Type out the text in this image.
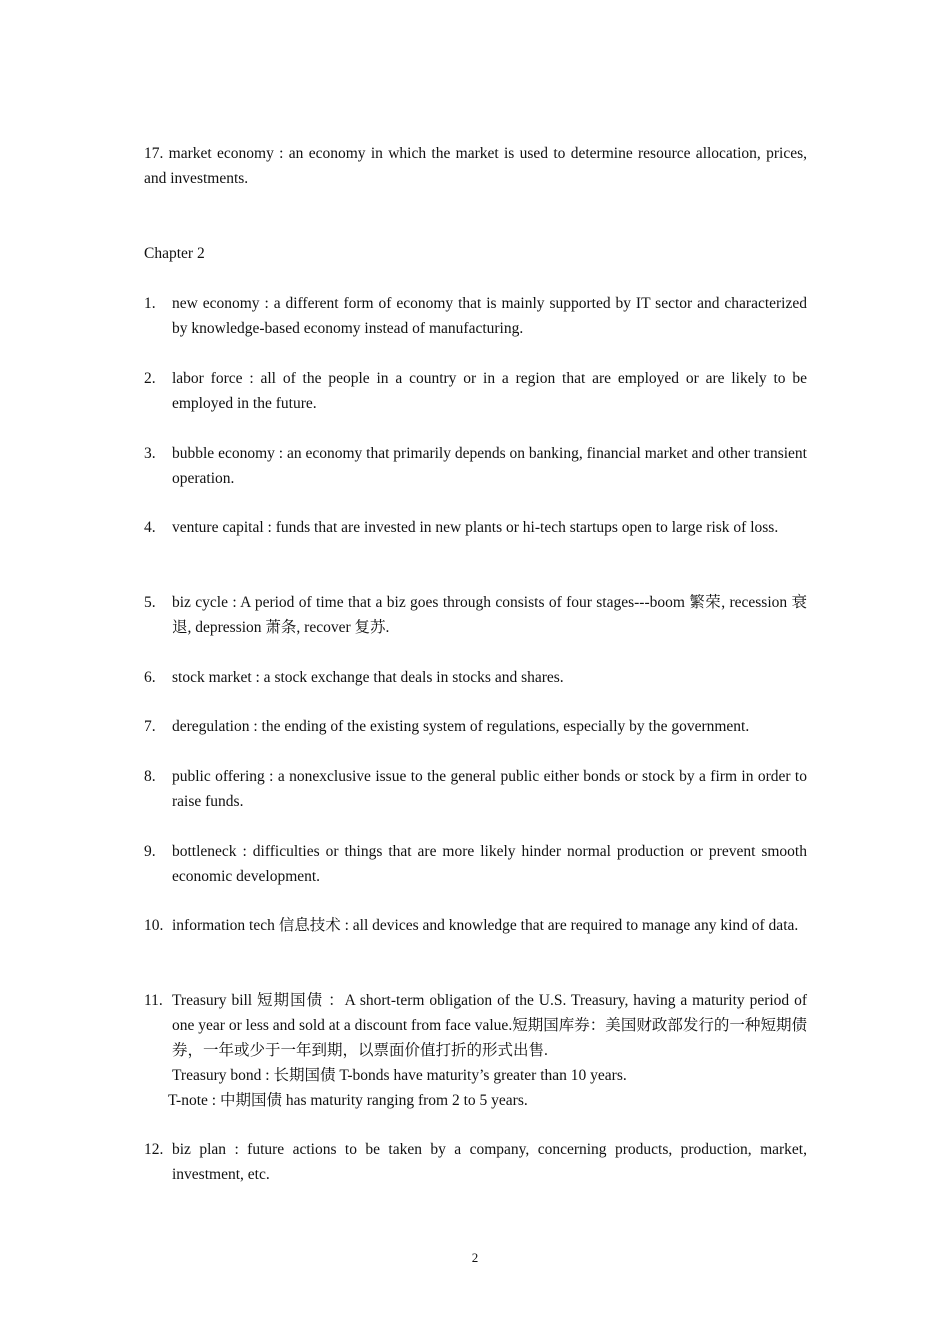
17. market economy : an economy in which the market is used to determine resource allocation, prices, and investments.

Chapter 2

1. new economy : a different form of economy that is mainly supported by IT sector and characterized by knowledge-based economy instead of manufacturing.
2. labor force : all of the people in a country or in a region that are employed or are likely to be employed in the future.
3. bubble economy : an economy that primarily depends on banking, financial market and other transient operation.
4. venture capital : funds that are invested in new plants or hi-tech startups open to large risk of loss.
5. biz cycle : A period of time that a biz goes through consists of four stages---boom 繁荣, recession 衰退, depression 萧条, recover 复苏.
6. stock market : a stock exchange that deals in stocks and shares.
7. deregulation : the ending of the existing system of regulations, especially by the government.
8. public offering : a nonexclusive issue to the general public either bonds or stock by a firm in order to raise funds.
9. bottleneck : difficulties or things that are more likely hinder normal production or prevent smooth economic development.
10. information tech 信息技术 : all devices and knowledge that are required to manage any kind of data.
11. Treasury bill 短期国债 ：A short-term obligation of the U.S. Treasury, having a maturity period of one year or less and sold at a discount from face value.短期国库券：美国财政部发行的一种短期债券，一年或少于一年到期，以票面价值打折的形式出售.
Treasury bond : 长期国债 T-bonds have maturity’s greater than 10 years.
T-note : 中期国债 has maturity ranging from 2 to 5 years.
12. biz plan : future actions to be taken by a company, concerning products, production, market, investment, etc.
2
